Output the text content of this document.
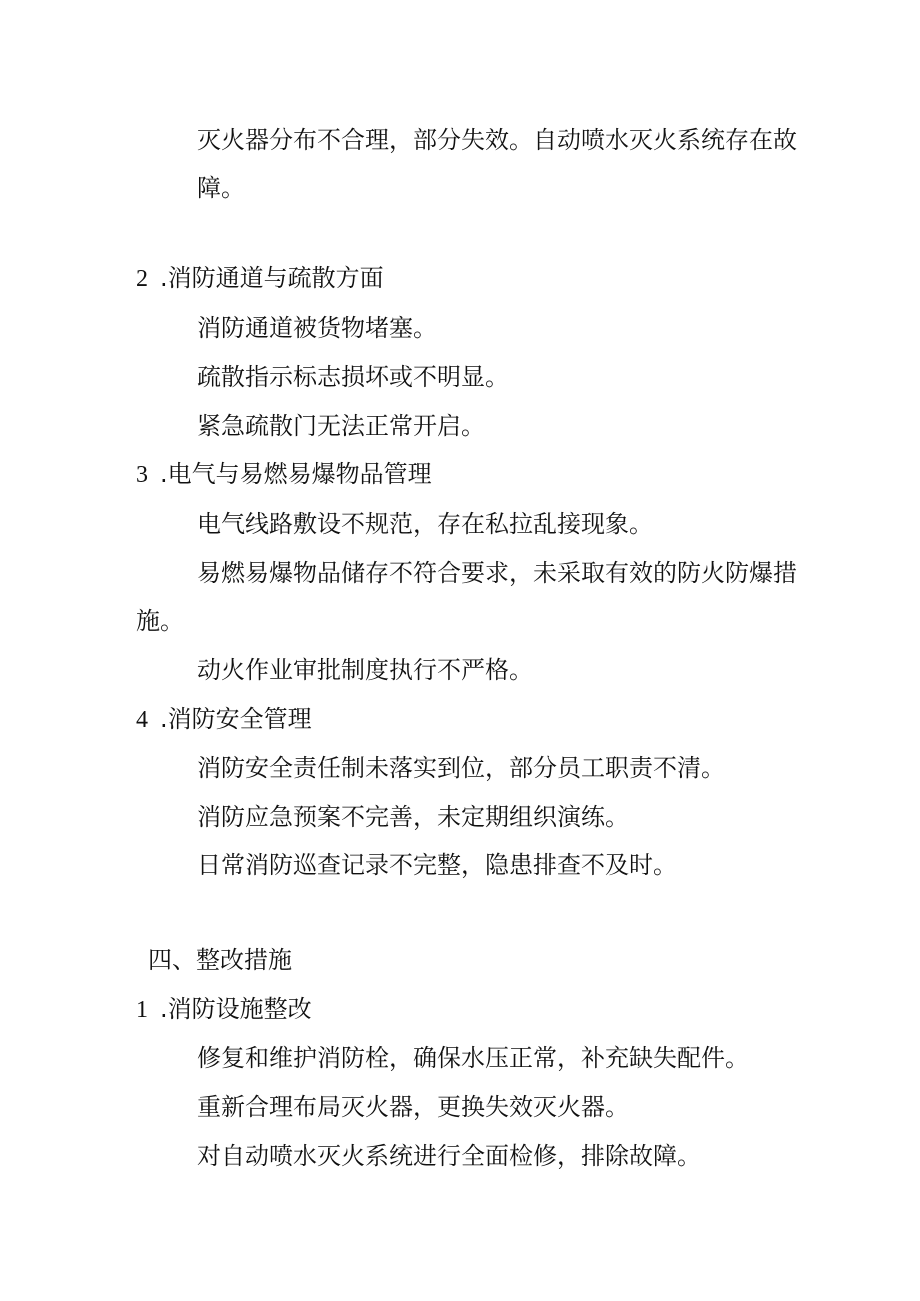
灭火器分布不合理，部分失效。自动喷水灭火系统存在故

障。

2 .消防通道与疏散方面

消防通道被货物堵塞。

疏散指示标志损坏或不明显。

紧急疏散门无法正常开启。

3 .电气与易燃易爆物品管理

电气线路敷设不规范，存在私拉乱接现象。

易燃易爆物品储存不符合要求，未采取有效的防火防爆措

施。

动火作业审批制度执行不严格。

4 .消防安全管理

消防安全责任制未落实到位，部分员工职责不清。

消防应急预案不完善，未定期组织演练。

日常消防巡查记录不完整，隐患排查不及时。

四、整改措施

1 .消防设施整改

修复和维护消防栓，确保水压正常，补充缺失配件。

重新合理布局灭火器，更换失效灭火器。

对自动喷水灭火系统进行全面检修，排除故障。
